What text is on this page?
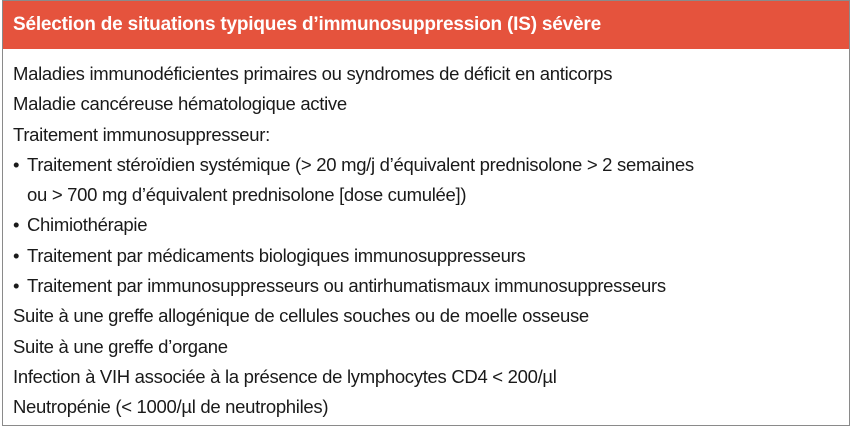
Sélection de situations typiques d’immunosuppression (IS) sévère
Maladies immunodéficientes primaires ou syndromes de déficit en anticorps
Maladie cancéreuse hématologique active
Traitement immunosuppresseur:
• Traitement stéroïdien systémique (> 20 mg/j d’équivalent prednisolone > 2 semaines
ou > 700 mg d’équivalent prednisolone [dose cumulée])
• Chimiothérapie
• Traitement par médicaments biologiques immunosuppresseurs
• Traitement par immunosuppresseurs ou antirhumatismaux immunosuppresseurs
Suite à une greffe allogénique de cellules souches ou de moelle osseuse
Suite à une greffe d’organe
Infection à VIH associée à la présence de lymphocytes CD4 < 200/µl
Neutropénie (< 1000/µl de neutrophiles)
